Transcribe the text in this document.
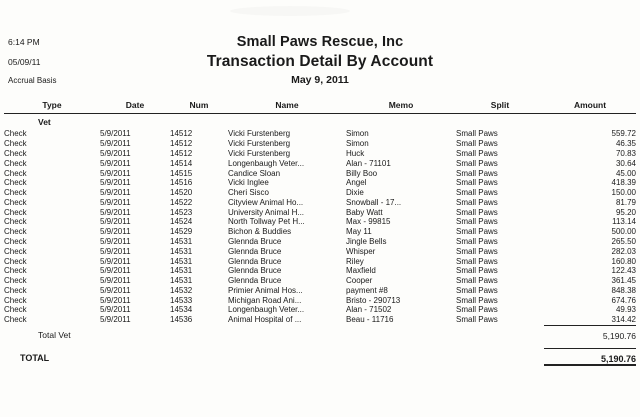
6:14 PM
05/09/11
Accrual Basis
Small Paws Rescue, Inc
Transaction Detail By Account
May 9, 2011
Type	Date	Num	Name	Memo	Split	Amount
Vet						
Check	5/9/2011	14512	Vicki Furstenberg	Simon	Small Paws	559.72
Check	5/9/2011	14512	Vicki Furstenberg	Simon	Small Paws	46.35
Check	5/9/2011	14512	Vicki Furstenberg	Huck	Small Paws	70.83
Check	5/9/2011	14514	Longenbaugh Veter...	Alan - 71101	Small Paws	30.64
Check	5/9/2011	14515	Candice Sloan	Billy Boo	Small Paws	45.00
Check	5/9/2011	14516	Vicki Inglee	Angel	Small Paws	418.39
Check	5/9/2011	14520	Cheri Sisco	Dixie	Small Paws	150.00
Check	5/9/2011	14522	Cityview Animal Ho...	Snowball - 17...	Small Paws	81.79
Check	5/9/2011	14523	University Animal H...	Baby Watt	Small Paws	95.20
Check	5/9/2011	14524	North Tollway Pet H...	Max - 99815	Small Paws	113.14
Check	5/9/2011	14529	Bichon & Buddies	May 11	Small Paws	500.00
Check	5/9/2011	14531	Glennda Bruce	Jingle Bells	Small Paws	265.50
Check	5/9/2011	14531	Glennda Bruce	Whisper	Small Paws	282.03
Check	5/9/2011	14531	Glennda Bruce	Riley	Small Paws	160.80
Check	5/9/2011	14531	Glennda Bruce	Maxfield	Small Paws	122.43
Check	5/9/2011	14531	Glennda Bruce	Cooper	Small Paws	361.45
Check	5/9/2011	14532	Primier Animal Hos...	payment #8	Small Paws	848.38
Check	5/9/2011	14533	Michigan Road Ani...	Bristo - 290713	Small Paws	674.76
Check	5/9/2011	14534	Longenbaugh Veter...	Alan - 71502	Small Paws	49.93
Check	5/9/2011	14536	Animal Hospital of ...	Beau - 11716	Small Paws	314.42
Total Vet						5,190.76

TOTAL						5,190.76
